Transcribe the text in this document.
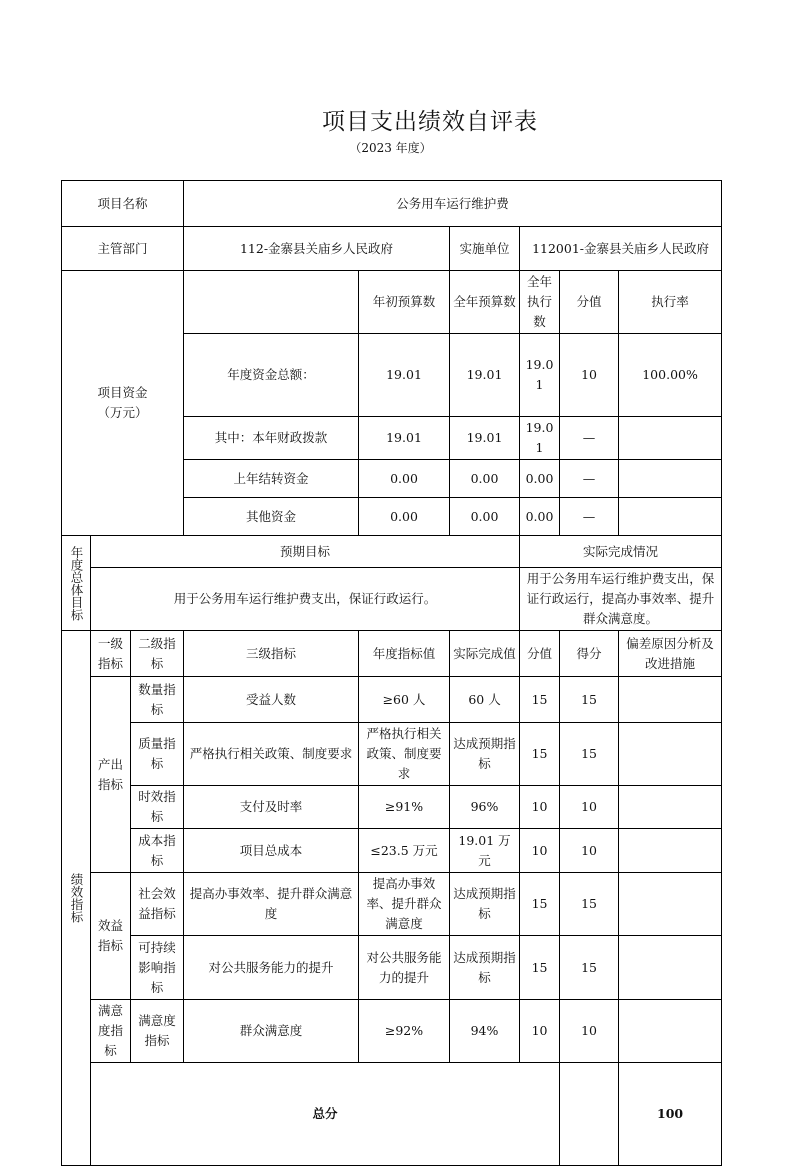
项目支出绩效自评表
（2023 年度）
项目名称			公务用车运行维护费						
主管部门			112-金寨县关庙乡人民政府		实施单位	112001-金寨县关庙乡人民政府			
项目资金
（万元）				年初预算数	全年预算数	全年执行数	分值	执行率	
			年度资金总额：	19.01	19.01	19.01	10	100.00%	
			其中：本年财政拨款	19.01	19.01	19.01	—		
			上年结转资金	0.00	0.00	0.00	—		
			其他资金	0.00	0.00	0.00	—		
年度总体目标	预期目标					实际完成情况			
	用于公务用车运行维护费支出，保证行政运行。					用于公务用车运行维护费支出，保证行政运行，提高办事效率、提升群众满意度。			
绩效指标	一级指标	二级指标	三级指标	年度指标值	实际完成值	分值	得分	偏差原因分析及改进措施	
	产出指标	数量指标	受益人数	≥60 人	60 人	15	15		
		质量指标	严格执行相关政策、制度要求	严格执行相关政策、制度要求	达成预期指标	15	15		
		时效指标	支付及时率	≥91%	96%	10	10		
		成本指标	项目总成本	≤23.5 万元	19.01 万元	10	10		
	效益指标	社会效益指标	提高办事效率、提升群众满意度	提高办事效率、提升群众满意度	达成预期指标	15	15		
		可持续影响指标	对公共服务能力的提升	对公共服务能力的提升	达成预期指标	15	15		
	满意度指标	满意度指标	群众满意度	≥92%	94%	10	10		
	总分							100		
